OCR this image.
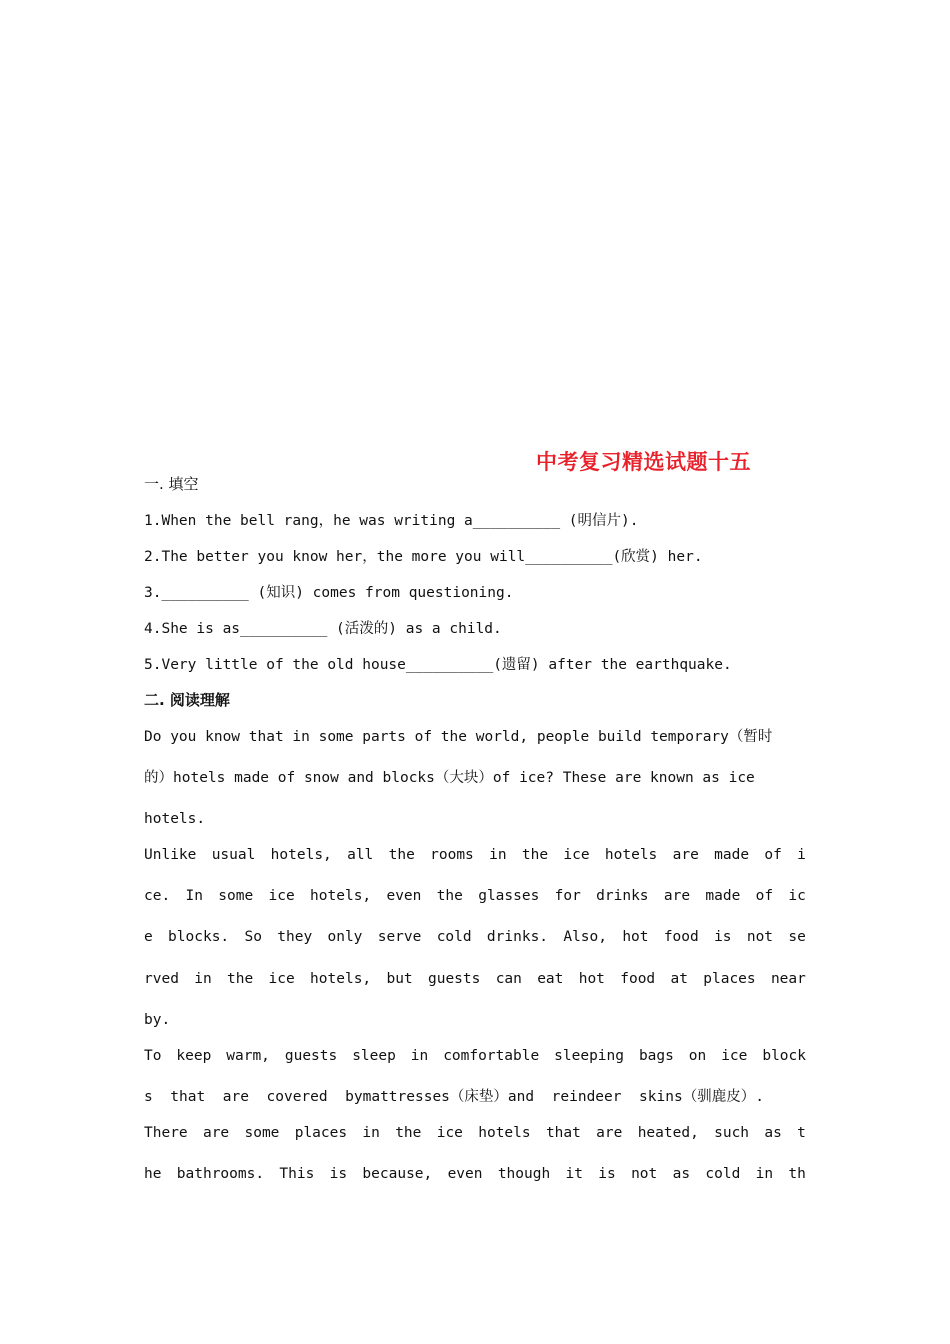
中考复习精选试题十五
一. 填空
1.When the bell rang，he was writing a__________ (明信片).
2.The better you know her，the more you will__________(欣赏) her.
3.__________ (知识) comes from questioning.
4.She is as__________ (活泼的) as a child.
5.Very little of the old house__________(遗留) after the earthquake.
二. 阅读理解
Do you know that in some parts of the world, people build temporary（暂时
的）hotels made of snow and blocks（大块）of ice? These are known as ice
hotels.
Unlike usual hotels, all the rooms in the ice hotels are made of i
ce. In some ice hotels, even the glasses for drinks are made of ic
e blocks. So they only serve cold drinks. Also, hot food is not se
rved in the ice hotels, but guests can eat hot food at places near
by.
To keep warm, guests sleep in comfortable sleeping bags on ice block
s that are covered bymattresses（床垫）and reindeer skins（驯鹿皮）.
There are some places in the ice hotels that are heated, such as t
he bathrooms. This is because, even though it is not as cold in th
